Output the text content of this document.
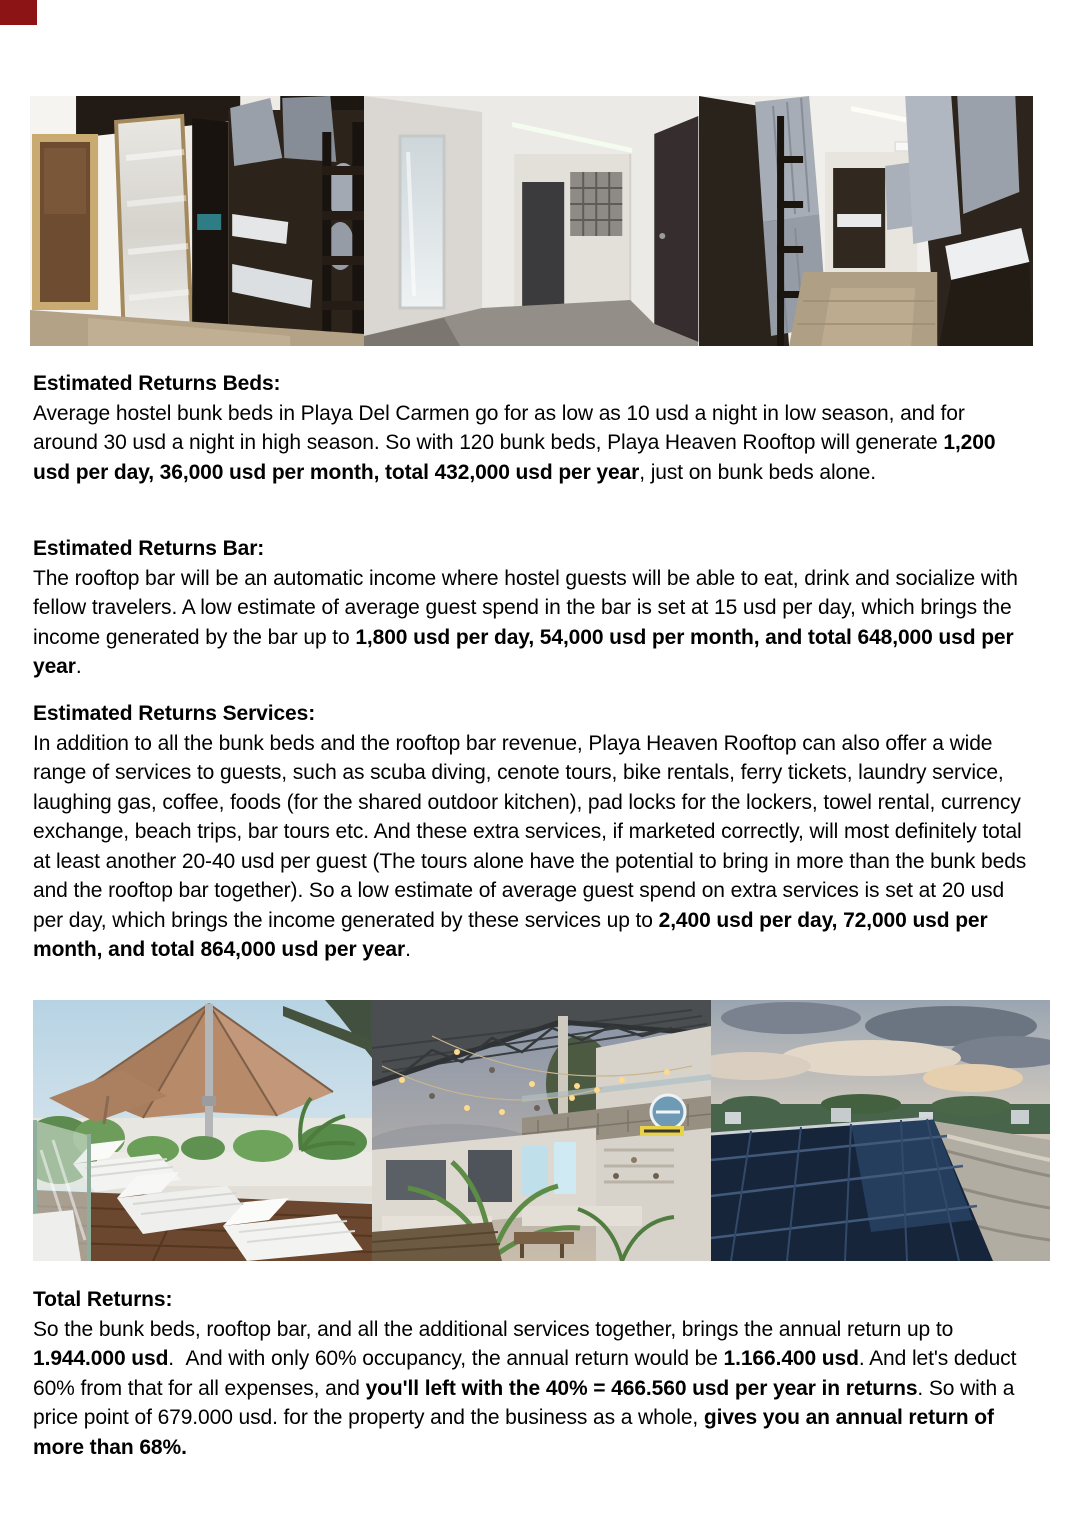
Estimated Returns Beds:

Average hostel bunk beds in Playa Del Carmen go for as low as 10 usd a night in low season, and for around 30 usd a night in high season. So with 120 bunk beds, Playa Heaven Rooftop will generate 1,200 usd per day, 36,000 usd per month, total 432,000 usd per year, just on bunk beds alone.

Estimated Returns Bar:

The rooftop bar will be an automatic income where hostel guests will be able to eat, drink and socialize with fellow travelers. A low estimate of average guest spend in the bar is set at 15 usd per day, which brings the income generated by the bar up to 1,800 usd per day, 54,000 usd per month, and total 648,000 usd per year.

Estimated Returns Services:

In addition to all the bunk beds and the rooftop bar revenue, Playa Heaven Rooftop can also offer a wide range of services to guests, such as scuba diving, cenote tours, bike rentals, ferry tickets, laundry service, laughing gas, coffee, foods (for the shared outdoor kitchen), pad locks for the lockers, towel rental, currency exchange, beach trips, bar tours etc. And these extra services, if marketed correctly, will most definitely total at least another 20-40 usd per guest (The tours alone have the potential to bring in more than the bunk beds and the rooftop bar together). So a low estimate of average guest spend on extra services is set at 20 usd per day, which brings the income generated by these services up to 2,400 usd per day, 72,000 usd per month, and total 864,000 usd per year.

Total Returns:

So the bunk beds, rooftop bar, and all the additional services together, brings the annual return up to 1.944.000 usd.  And with only 60% occupancy, the annual return would be 1.166.400 usd. And let's deduct 60% from that for all expenses, and you'll left with the 40% = 466.560 usd per year in returns. So with a price point of 679.000 usd. for the property and the business as a whole, gives you an annual return of more than 68%.
